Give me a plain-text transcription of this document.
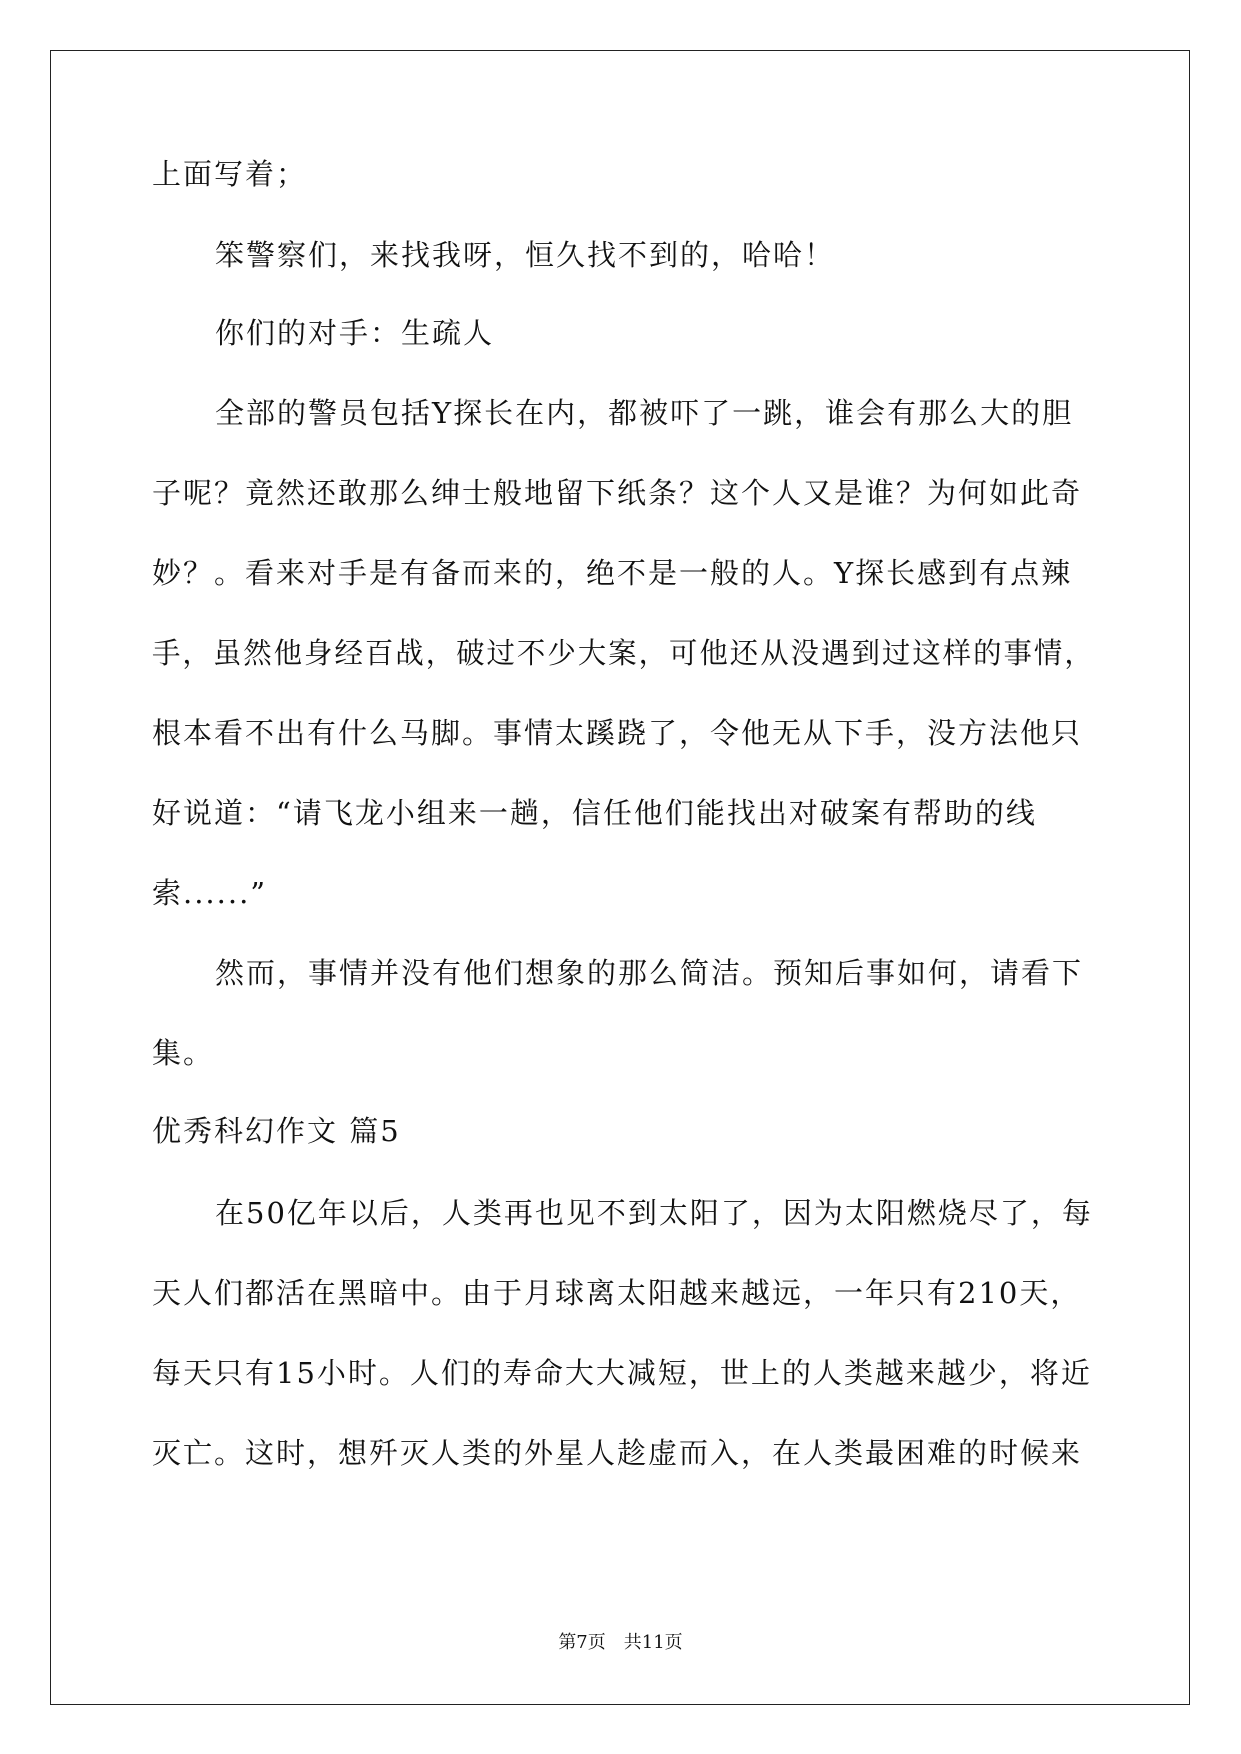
上面写着；

笨警察们，来找我呀，恒久找不到的，哈哈！

你们的对手：生疏人

全部的警员包括Y探长在内，都被吓了一跳，谁会有那么大的胆

子呢？竟然还敢那么绅士般地留下纸条？这个人又是谁？为何如此奇

妙？。看来对手是有备而来的，绝不是一般的人。Y探长感到有点辣

手，虽然他身经百战，破过不少大案，可他还从没遇到过这样的事情，

根本看不出有什么马脚。事情太蹊跷了，令他无从下手，没方法他只

好说道：“请飞龙小组来一趟，信任他们能找出对破案有帮助的线

索......”

然而，事情并没有他们想象的那么简洁。预知后事如何，请看下

集。

优秀科幻作文 篇5

在50亿年以后，人类再也见不到太阳了，因为太阳燃烧尽了，每

天人们都活在黑暗中。由于月球离太阳越来越远，一年只有210天，

每天只有15小时。人们的寿命大大减短，世上的人类越来越少，将近

灭亡。这时，想歼灭人类的外星人趁虚而入，在人类最困难的时候来

第7页 共11页
